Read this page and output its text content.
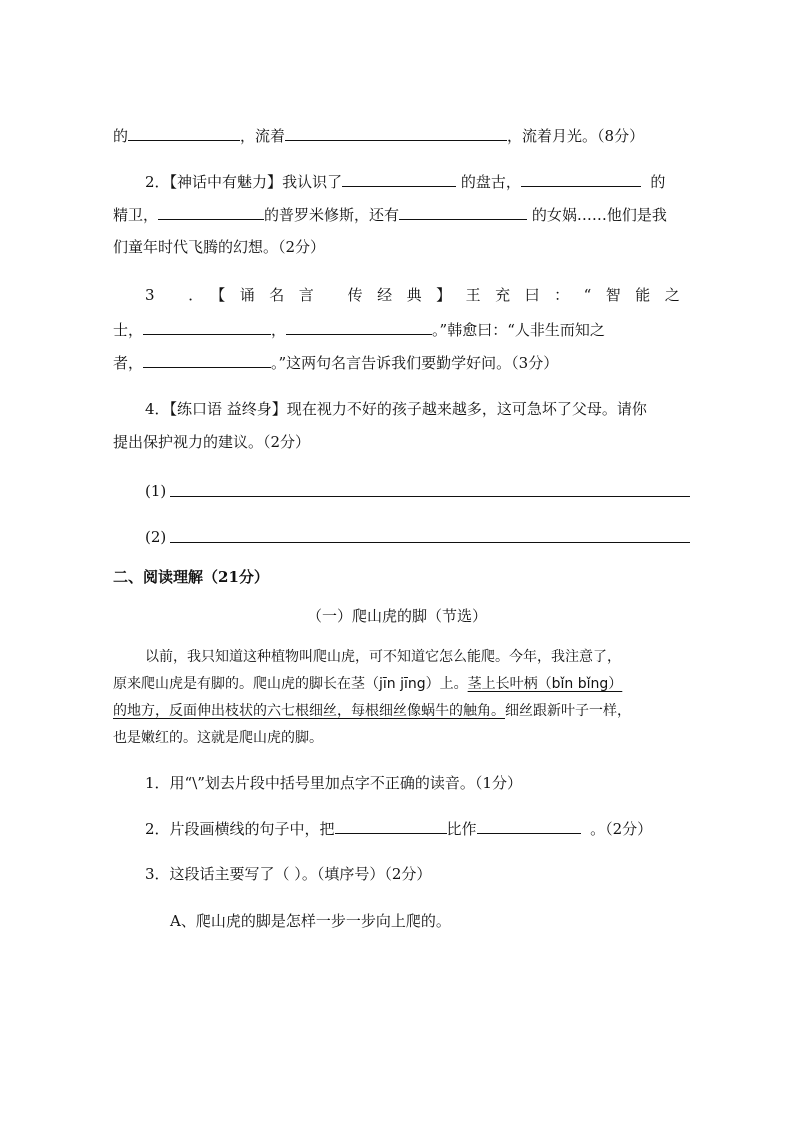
的	，流着	，流着月光。（8分）
2．【神话中有魅力】我认识了	的盘古，	的
精卫，	的普罗米修斯，还有	的女娲……他们是我
们童年时代飞腾的幻想。（2分）
3 ．【诵名言 传经典】王充曰：“智能之
士，	，	。”韩愈曰：“人非生而知之
者，	。”这两句名言告诉我们要勤学好问。（3分）
4．【练口语 益终身】现在视力不好的孩子越来越多，这可急坏了父母。请你
提出保护视力的建议。（2分）
(1)
(2)
二、阅读理解（21分）
（一）爬山虎的脚（节选）
以前，我只知道这种植物叫爬山虎，可不知道它怎么能爬。今年，我注意了，
原来爬山虎是有脚的。爬山虎的脚长在茎（jīn jīng）上。茎上长叶柄（bǐn bǐng）
的地方，反面伸出枝状的六七根细丝，每根细丝像蜗牛的触角。细丝跟新叶子一样，
也是嫩红的。这就是爬山虎的脚。
1．用“\”划去片段中括号里加点字不正确的读音。（1分）
2．片段画横线的句子中，把	比作	。（2分）
3．这段话主要写了（ ）。（填序号）（2分）
A、爬山虎的脚是怎样一步一步向上爬的。
